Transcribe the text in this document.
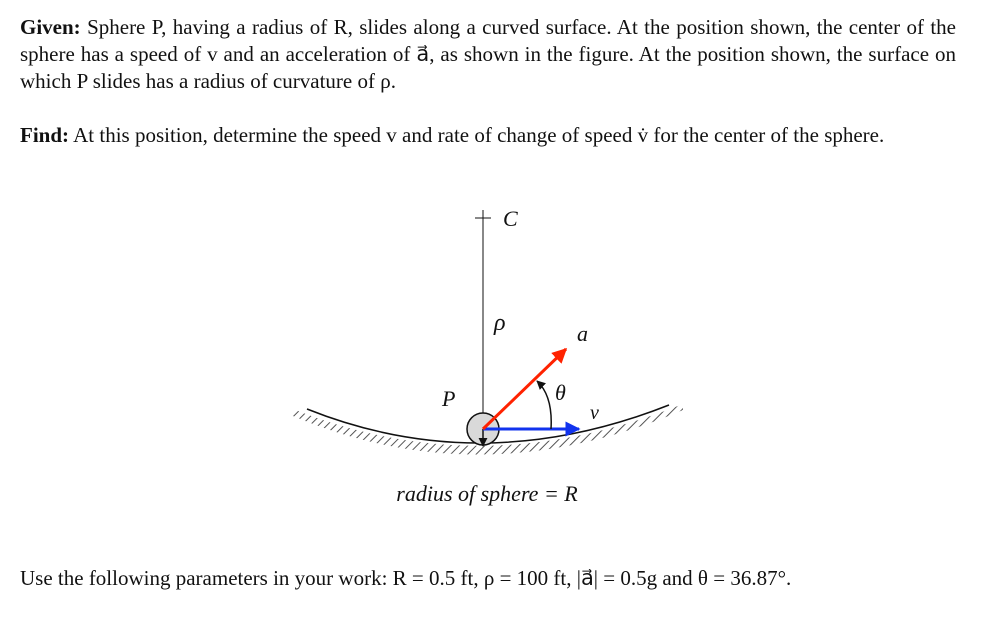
Given: Sphere P, having a radius of R, slides along a curved surface. At the position shown, the center of the sphere has a speed of v and an acceleration of a⃗, as shown in the figure. At the position shown, the surface on which P slides has a radius of curvature of ρ.
Find: At this position, determine the speed v and rate of change of speed v̇ for the center of the sphere.
C
ρ
P
v
a
θ
radius of sphere = R
Use the following parameters in your work: R = 0.5 ft, ρ = 100 ft, |a⃗| = 0.5g and θ = 36.87°.
